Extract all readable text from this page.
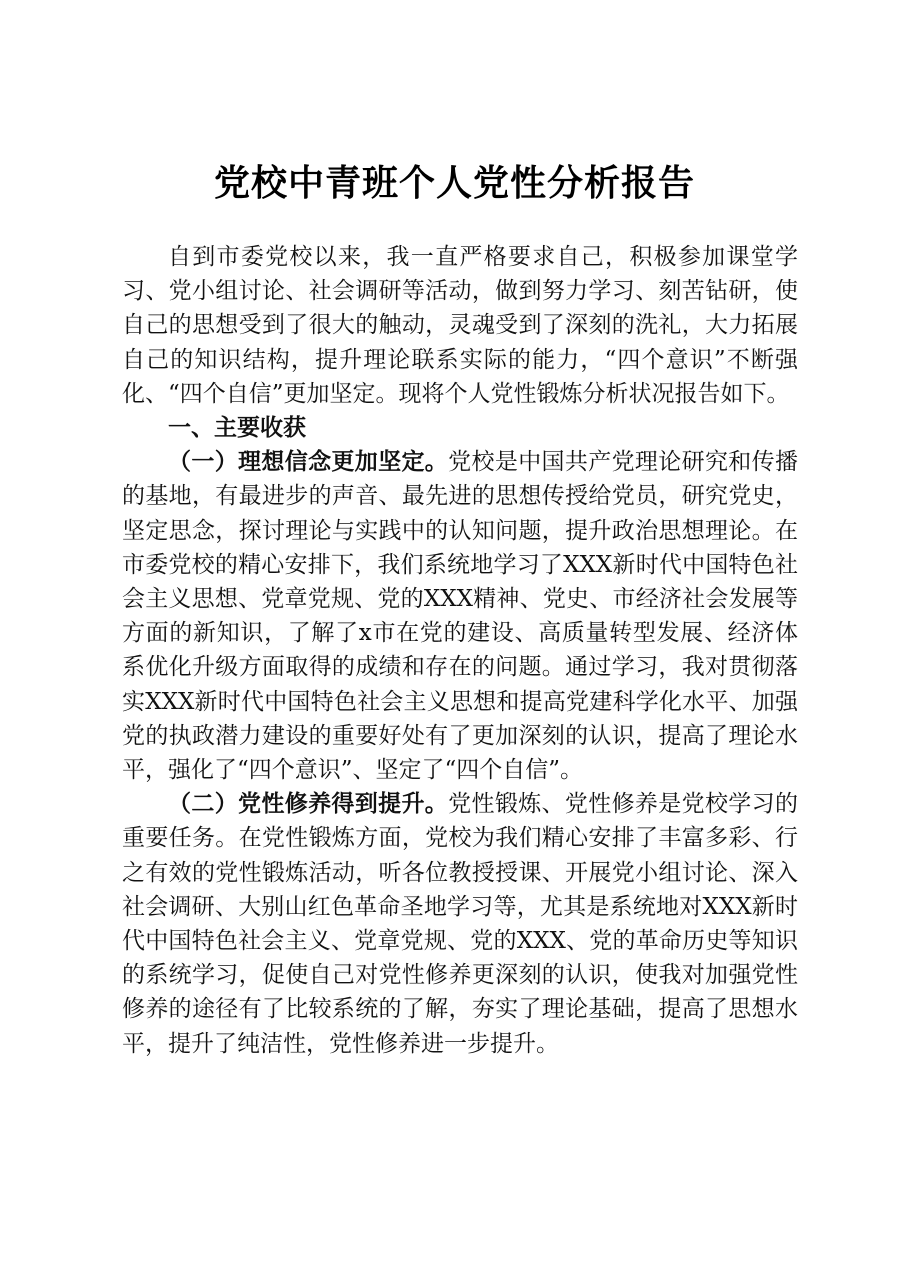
党校中青班个人党性分析报告

自到市委党校以来，我一直严格要求自己，积极参加课堂学习、党小组讨论、社会调研等活动，做到努力学习、刻苦钻研，使自己的思想受到了很大的触动，灵魂受到了深刻的洗礼，大力拓展自己的知识结构，提升理论联系实际的能力，“四个意识”不断强化、“四个自信”更加坚定。现将个人党性锻炼分析状况报告如下。

一、主要收获

（一）理想信念更加坚定。党校是中国共产党理论研究和传播的基地，有最进步的声音、最先进的思想传授给党员，研究党史，坚定思念，探讨理论与实践中的认知问题，提升政治思想理论。在市委党校的精心安排下，我们系统地学习了XXX新时代中国特色社会主义思想、党章党规、党的XXX精神、党史、市经济社会发展等方面的新知识，了解了x市在党的建设、高质量转型发展、经济体系优化升级方面取得的成绩和存在的问题。通过学习，我对贯彻落实XXX新时代中国特色社会主义思想和提高党建科学化水平、加强党的执政潜力建设的重要好处有了更加深刻的认识，提高了理论水平，强化了“四个意识”、坚定了“四个自信”。

（二）党性修养得到提升。党性锻炼、党性修养是党校学习的重要任务。在党性锻炼方面，党校为我们精心安排了丰富多彩、行之有效的党性锻炼活动，听各位教授授课、开展党小组讨论、深入社会调研、大别山红色革命圣地学习等，尤其是系统地对XXX新时代中国特色社会主义、党章党规、党的XXX、党的革命历史等知识的系统学习，促使自己对党性修养更深刻的认识，使我对加强党性修养的途径有了比较系统的了解，夯实了理论基础，提高了思想水平，提升了纯洁性，党性修养进一步提升。
